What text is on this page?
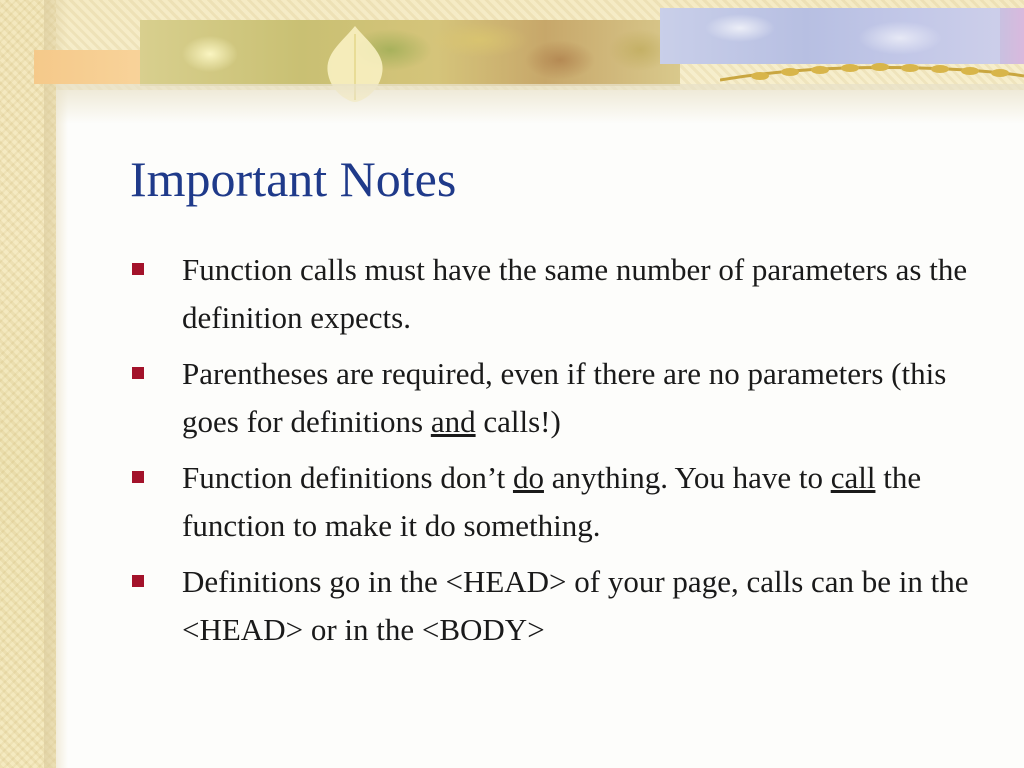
Important Notes
Function calls must have the same number of parameters as the definition expects.
Parentheses are required, even if there are no parameters (this goes for definitions and calls!)
Function definitions don’t do anything. You have to call the function to make it do something.
Definitions go in the <HEAD> of your page, calls can be in the <HEAD> or in the <BODY>
